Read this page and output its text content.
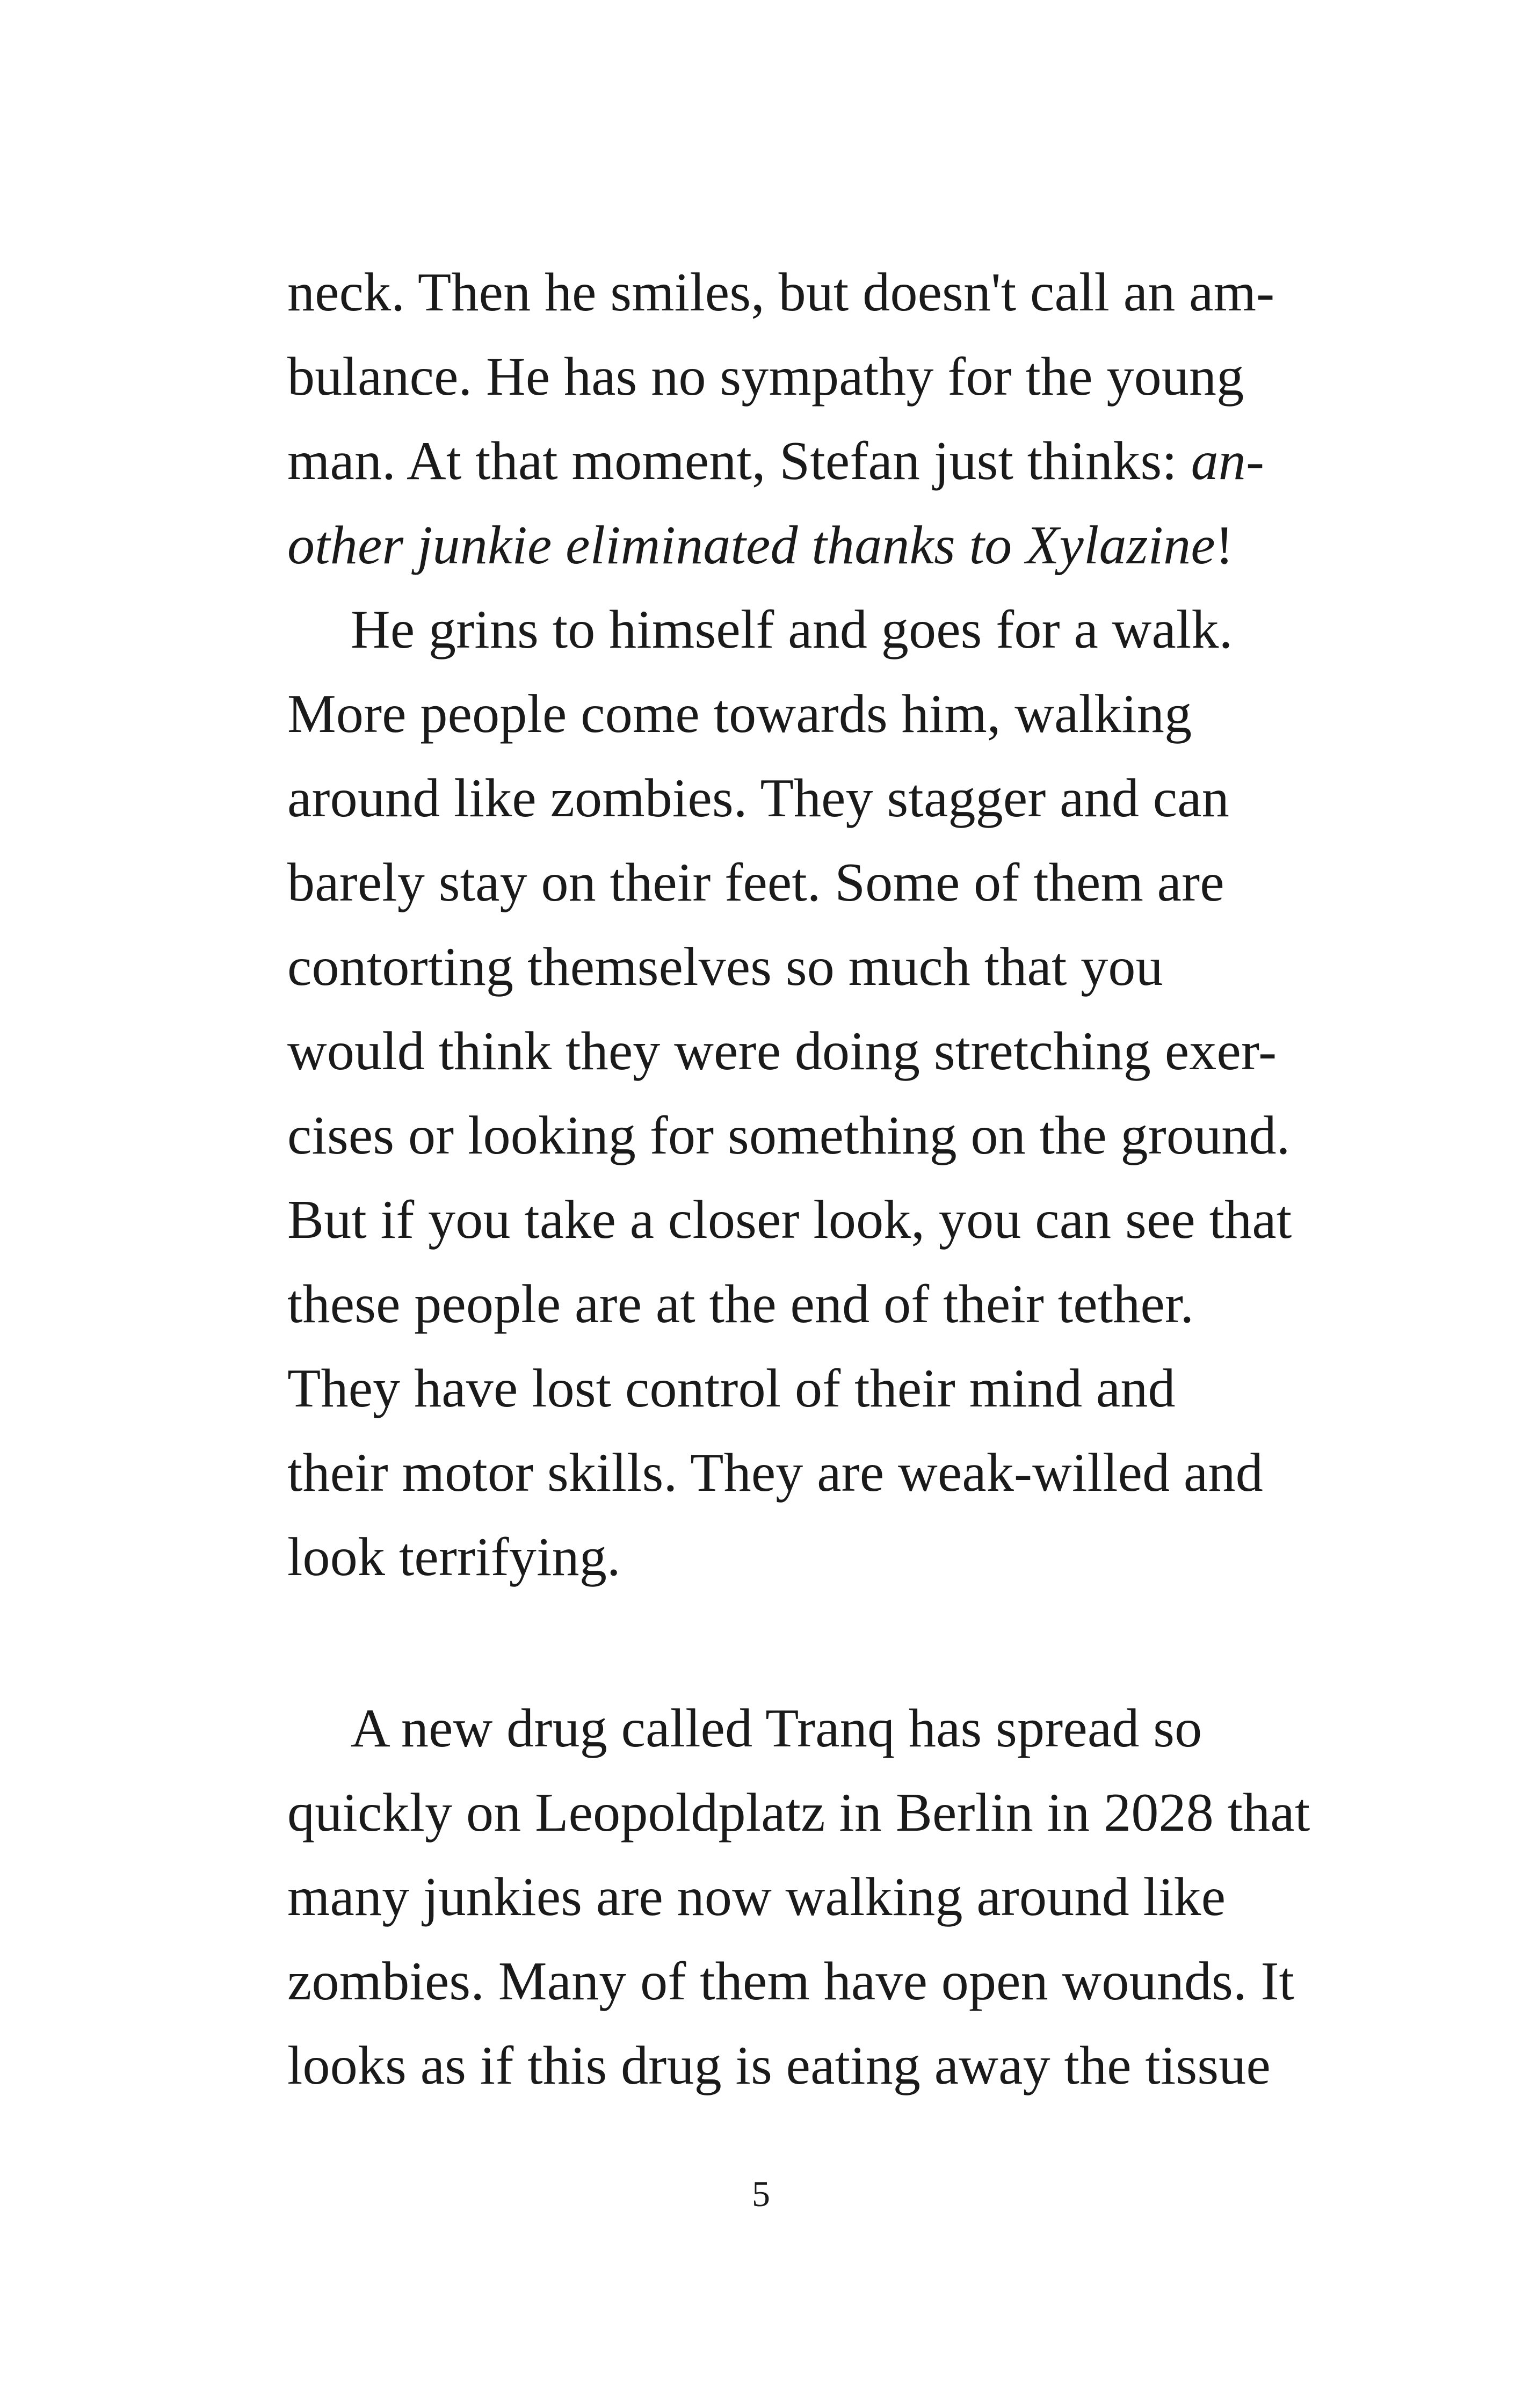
neck. Then he smiles, but doesn't call an am-
bulance. He has no sympathy for the young
man. At that moment, Stefan just thinks: an-
other junkie eliminated thanks to Xylazine!
He grins to himself and goes for a walk.
More people come towards him, walking
around like zombies. They stagger and can
barely stay on their feet. Some of them are
contorting themselves so much that you
would think they were doing stretching exer-
cises or looking for something on the ground.
But if you take a closer look, you can see that
these people are at the end of their tether.
They have lost control of their mind and
their motor skills. They are weak-willed and
look terrifying.
A new drug called Tranq has spread so
quickly on Leopoldplatz in Berlin in 2028 that
many junkies are now walking around like
zombies. Many of them have open wounds. It
looks as if this drug is eating away the tissue
5
